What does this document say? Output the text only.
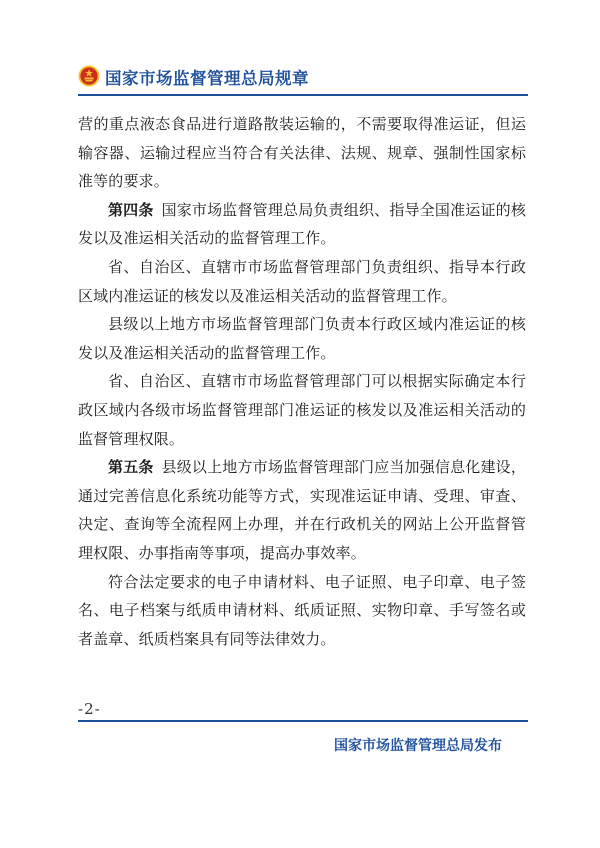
国家市场监督管理总局规章

营的重点液态食品进行道路散装运输的，不需要取得准运证，但运输容器、运输过程应当符合有关法律、法规、规章、强制性国家标准等的要求。

第四条 国家市场监督管理总局负责组织、指导全国准运证的核发以及准运相关活动的监督管理工作。

省、自治区、直辖市市场监督管理部门负责组织、指导本行政区域内准运证的核发以及准运相关活动的监督管理工作。

县级以上地方市场监督管理部门负责本行政区域内准运证的核发以及准运相关活动的监督管理工作。

省、自治区、直辖市市场监督管理部门可以根据实际确定本行政区域内各级市场监督管理部门准运证的核发以及准运相关活动的监督管理权限。

第五条 县级以上地方市场监督管理部门应当加强信息化建设，通过完善信息化系统功能等方式，实现准运证申请、受理、审查、决定、查询等全流程网上办理，并在行政机关的网站上公开监督管理权限、办事指南等事项，提高办事效率。

符合法定要求的电子申请材料、电子证照、电子印章、电子签名、电子档案与纸质申请材料、纸质证照、实物印章、手写签名或者盖章、纸质档案具有同等法律效力。

-2-
国家市场监督管理总局发布
